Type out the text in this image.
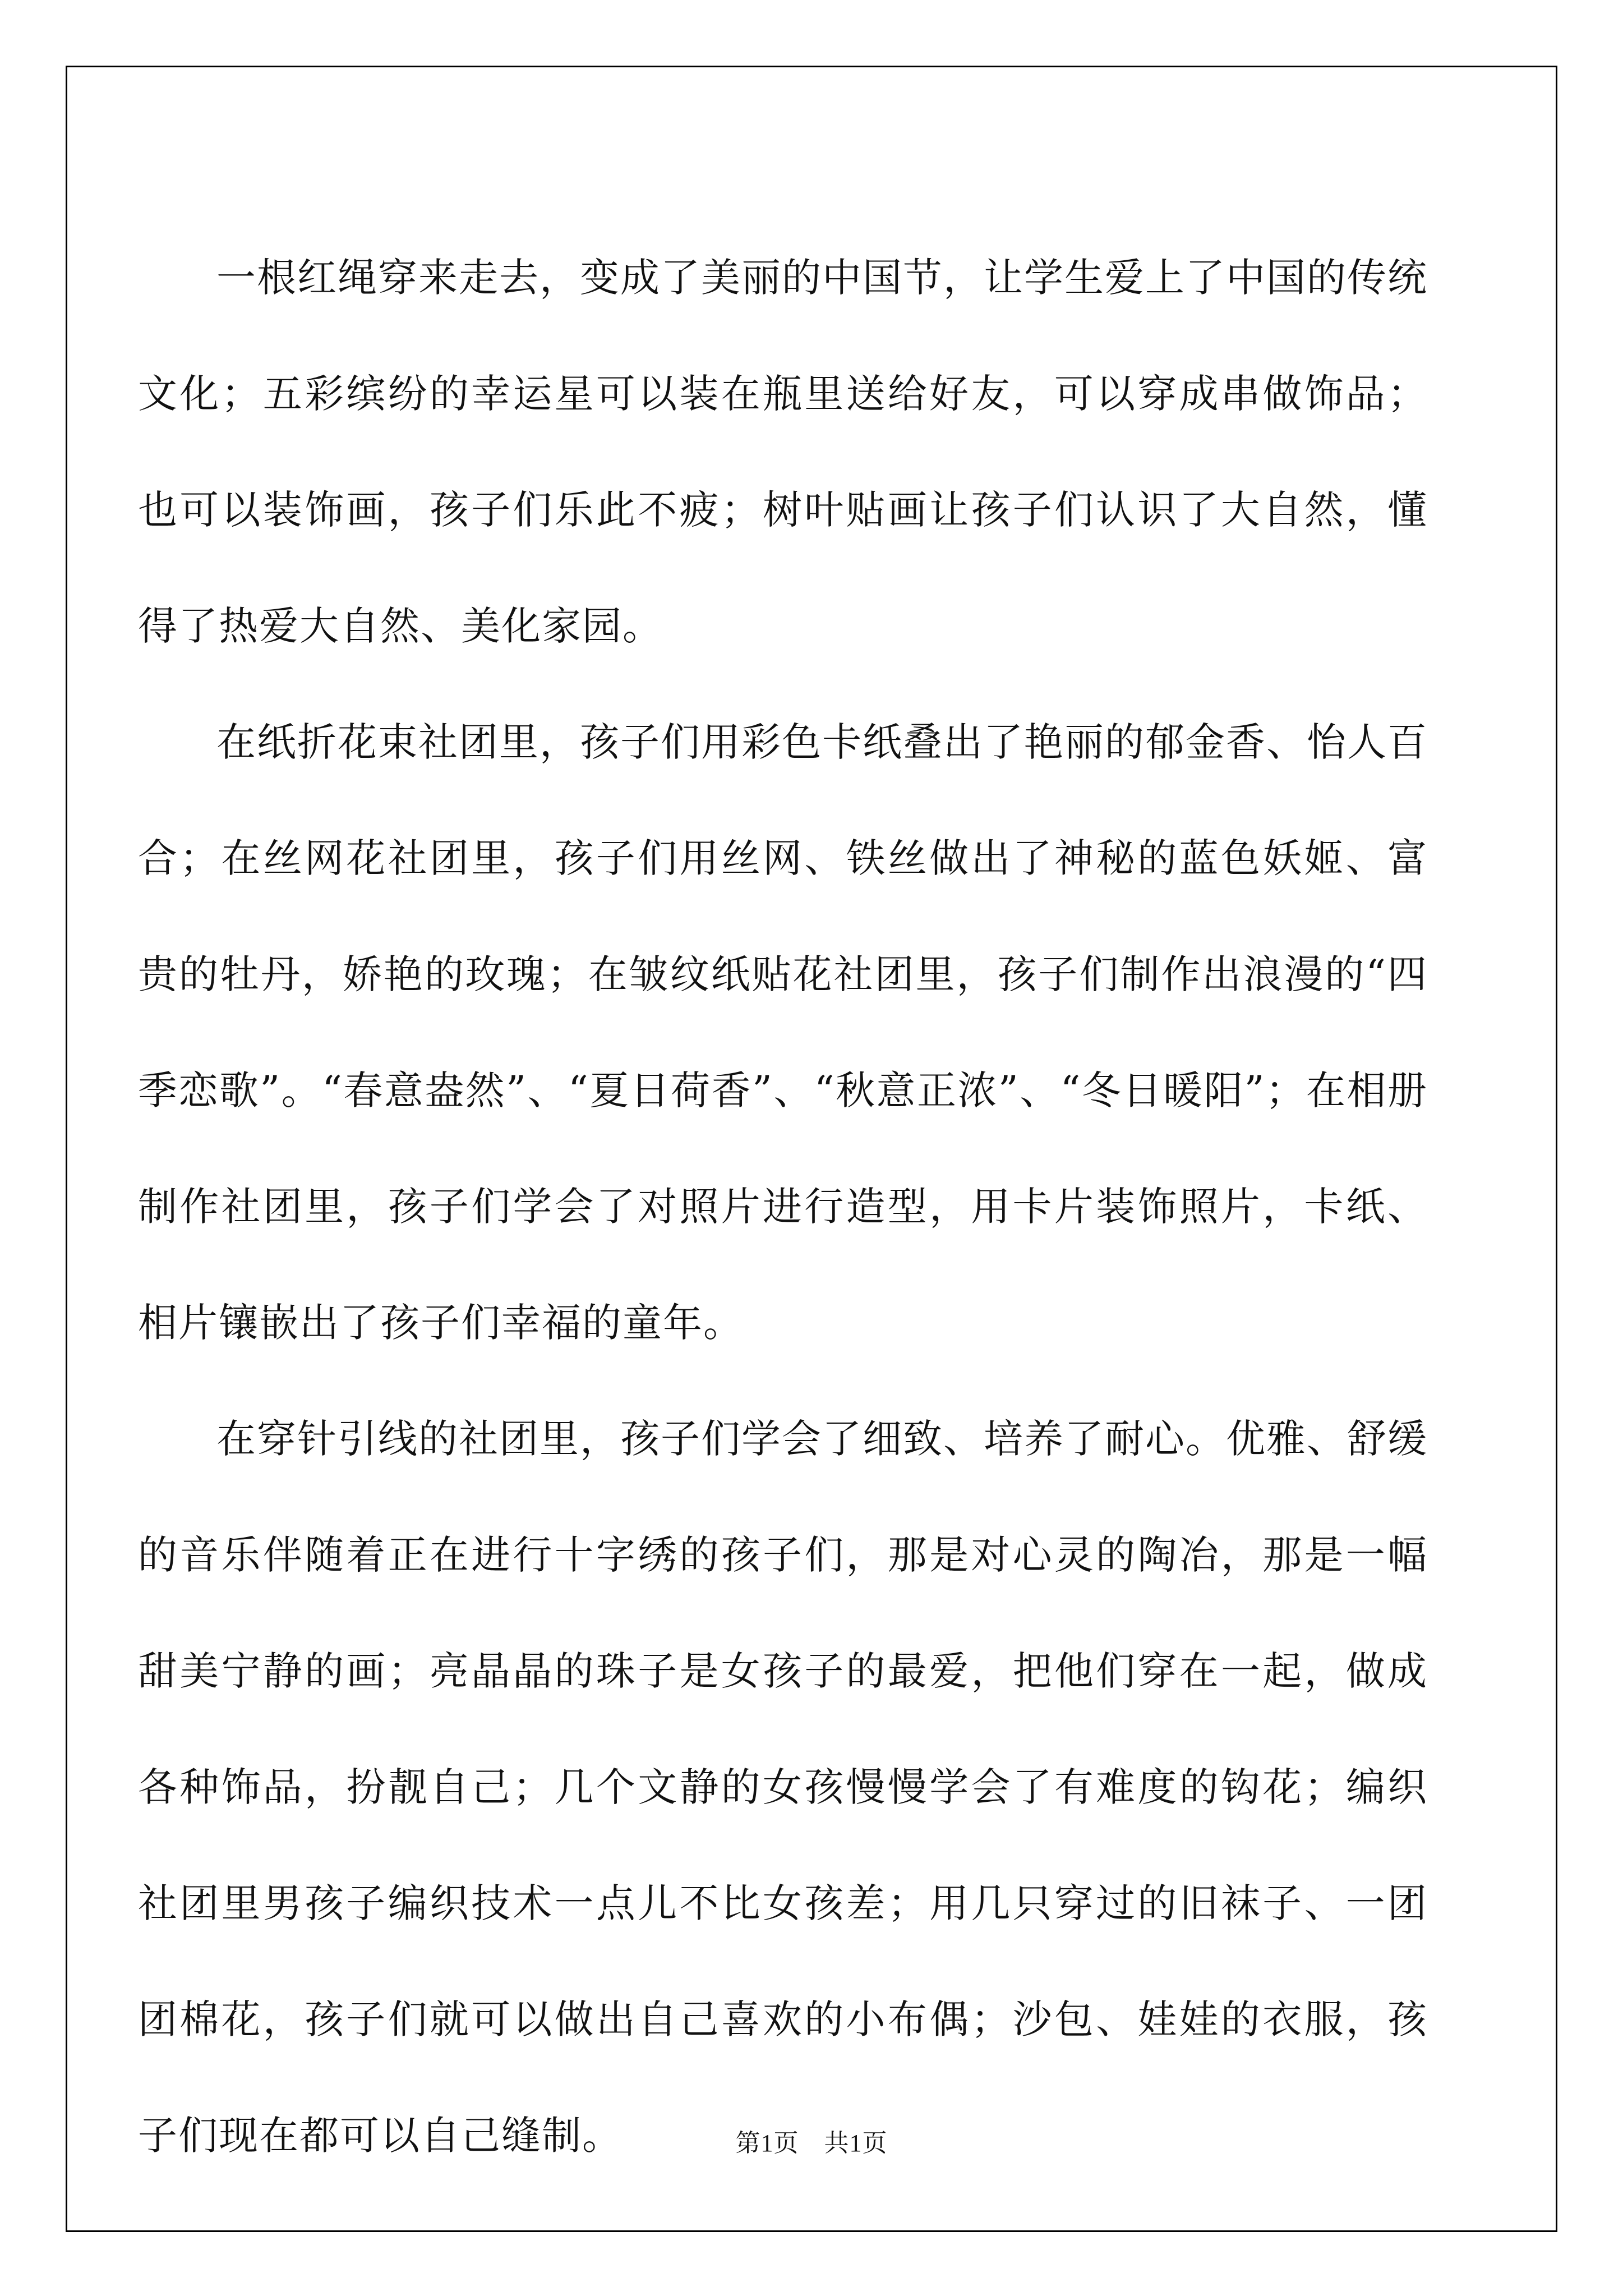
一根红绳穿来走去，变成了美丽的中国节，让学生爱上了中国的传统文化；五彩缤纷的幸运星可以装在瓶里送给好友，可以穿成串做饰品；也可以装饰画，孩子们乐此不疲；树叶贴画让孩子们认识了大自然，懂得了热爱大自然、美化家园。

在纸折花束社团里，孩子们用彩色卡纸叠出了艳丽的郁金香、怡人百合；在丝网花社团里，孩子们用丝网、铁丝做出了神秘的蓝色妖姬、富贵的牡丹，娇艳的玫瑰；在皱纹纸贴花社团里，孩子们制作出浪漫的“四季恋歌”。“春意盎然”、“夏日荷香”、“秋意正浓”、“冬日暖阳”；在相册制作社团里，孩子们学会了对照片进行造型，用卡片装饰照片，卡纸、相片镶嵌出了孩子们幸福的童年。

在穿针引线的社团里，孩子们学会了细致、培养了耐心。优雅、舒缓的音乐伴随着正在进行十字绣的孩子们，那是对心灵的陶冶，那是一幅甜美宁静的画；亮晶晶的珠子是女孩子的最爱，把他们穿在一起，做成各种饰品，扮靓自己；几个文静的女孩慢慢学会了有难度的钩花；编织社团里男孩子编织技术一点儿不比女孩差；用几只穿过的旧袜子、一团团棉花，孩子们就可以做出自己喜欢的小布偶；沙包、娃娃的衣服，孩子们现在都可以自己缝制。	第1页　共1页
